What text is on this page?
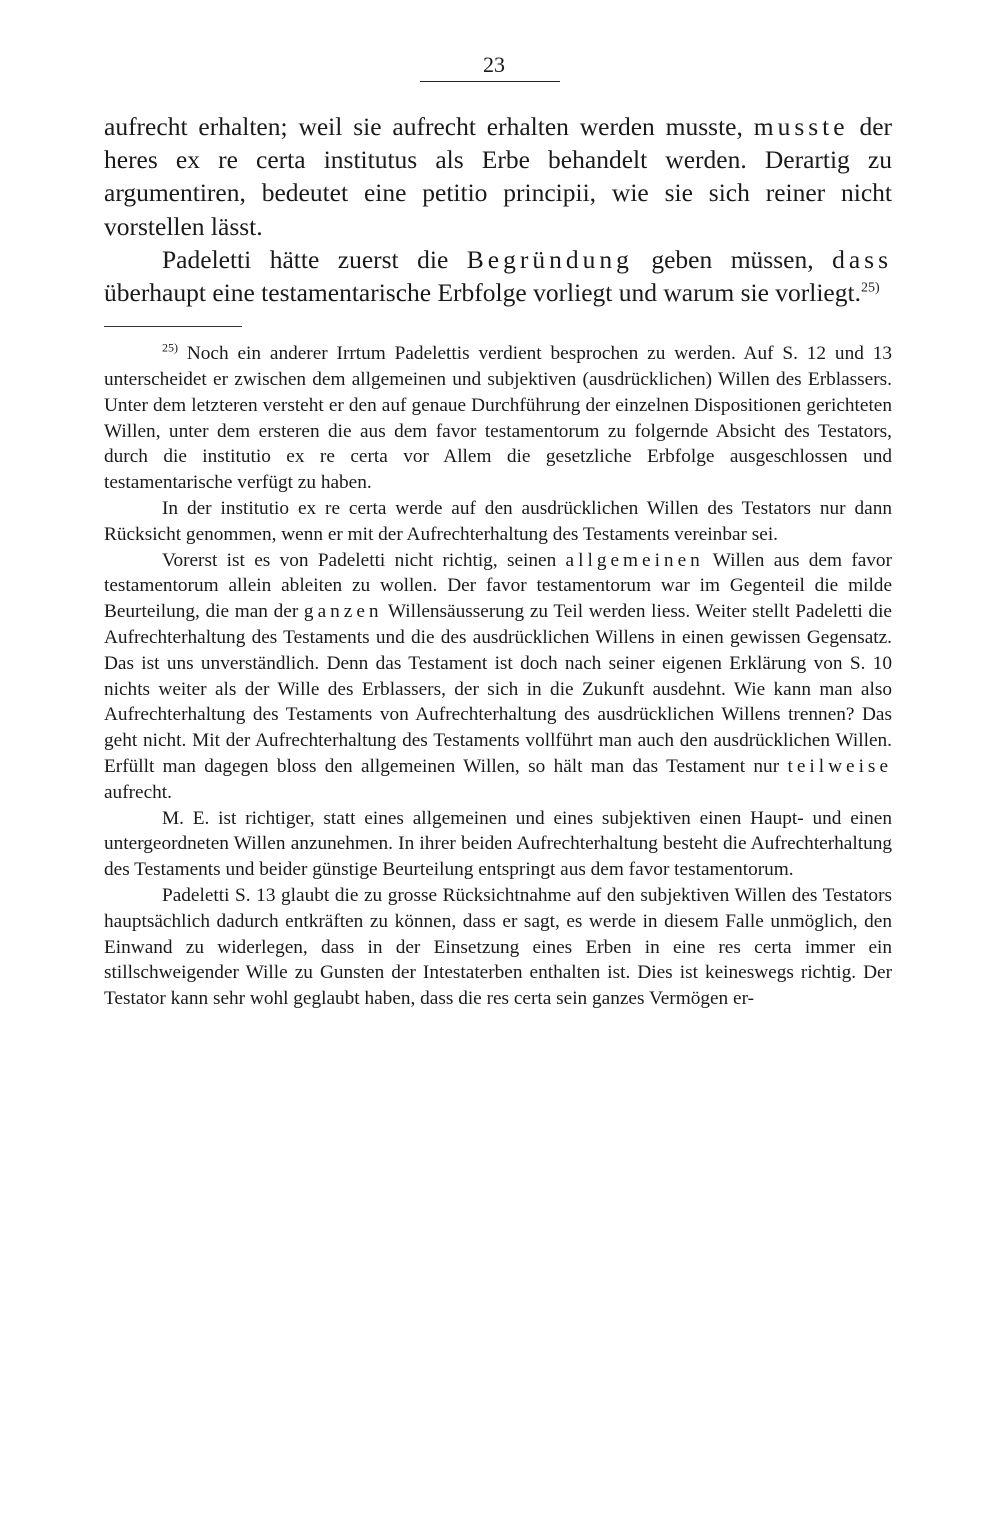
23

aufrecht erhalten; weil sie aufrecht erhalten werden musste, musste der heres ex re certa institutus als Erbe behandelt werden. Derartig zu argumentiren, bedeutet eine petitio principii, wie sie sich reiner nicht vorstellen lässt.

Padeletti hätte zuerst die Begründung geben müssen, dass überhaupt eine testamentarische Erbfolge vorliegt und warum sie vorliegt.$^{25)}$

$^{25)}$ Noch ein anderer Irrtum Padelettis verdient besprochen zu werden. Auf S. 12 und 13 unterscheidet er zwischen dem allgemeinen und subjektiven (ausdrücklichen) Willen des Erblassers. Unter dem letzteren versteht er den auf genaue Durchführung der einzelnen Dispositionen gerichteten Willen, unter dem ersteren die aus dem favor testamentorum zu folgernde Absicht des Testators, durch die institutio ex re certa vor Allem die gesetzliche Erbfolge ausgeschlossen und testamentarische verfügt zu haben.

In der institutio ex re certa werde auf den ausdrücklichen Willen des Testators nur dann Rücksicht genommen, wenn er mit der Aufrechterhaltung des Testaments vereinbar sei.

Vorerst ist es von Padeletti nicht richtig, seinen allgemeinen Willen aus dem favor testamentorum allein ableiten zu wollen. Der favor testamentorum war im Gegenteil die milde Beurteilung, die man der ganzen Willensäusserung zu Teil werden liess. Weiter stellt Padeletti die Aufrechterhaltung des Testaments und die des ausdrücklichen Willens in einen gewissen Gegensatz. Das ist uns unverständlich. Denn das Testament ist doch nach seiner eigenen Erklärung von S. 10 nichts weiter als der Wille des Erblassers, der sich in die Zukunft ausdehnt. Wie kann man also Aufrechterhaltung des Testaments von Aufrechterhaltung des ausdrücklichen Willens trennen? Das geht nicht. Mit der Aufrechterhaltung des Testaments vollführt man auch den ausdrücklichen Willen. Erfüllt man dagegen bloss den allgemeinen Willen, so hält man das Testament nur teilweise aufrecht.

M. E. ist richtiger, statt eines allgemeinen und eines subjektiven einen Haupt- und einen untergeordneten Willen anzunehmen. In ihrer beiden Aufrechterhaltung besteht die Aufrechterhaltung des Testaments und beider günstige Beurteilung entspringt aus dem favor testamentorum.

Padeletti S. 13 glaubt die zu grosse Rücksichtnahme auf den subjektiven Willen des Testators hauptsächlich dadurch entkräften zu können, dass er sagt, es werde in diesem Falle unmöglich, den Einwand zu widerlegen, dass in der Einsetzung eines Erben in eine res certa immer ein stillschweigender Wille zu Gunsten der Intestaterben enthalten ist. Dies ist keineswegs richtig. Der Testator kann sehr wohl geglaubt haben, dass die res certa sein ganzes Vermögen er-
